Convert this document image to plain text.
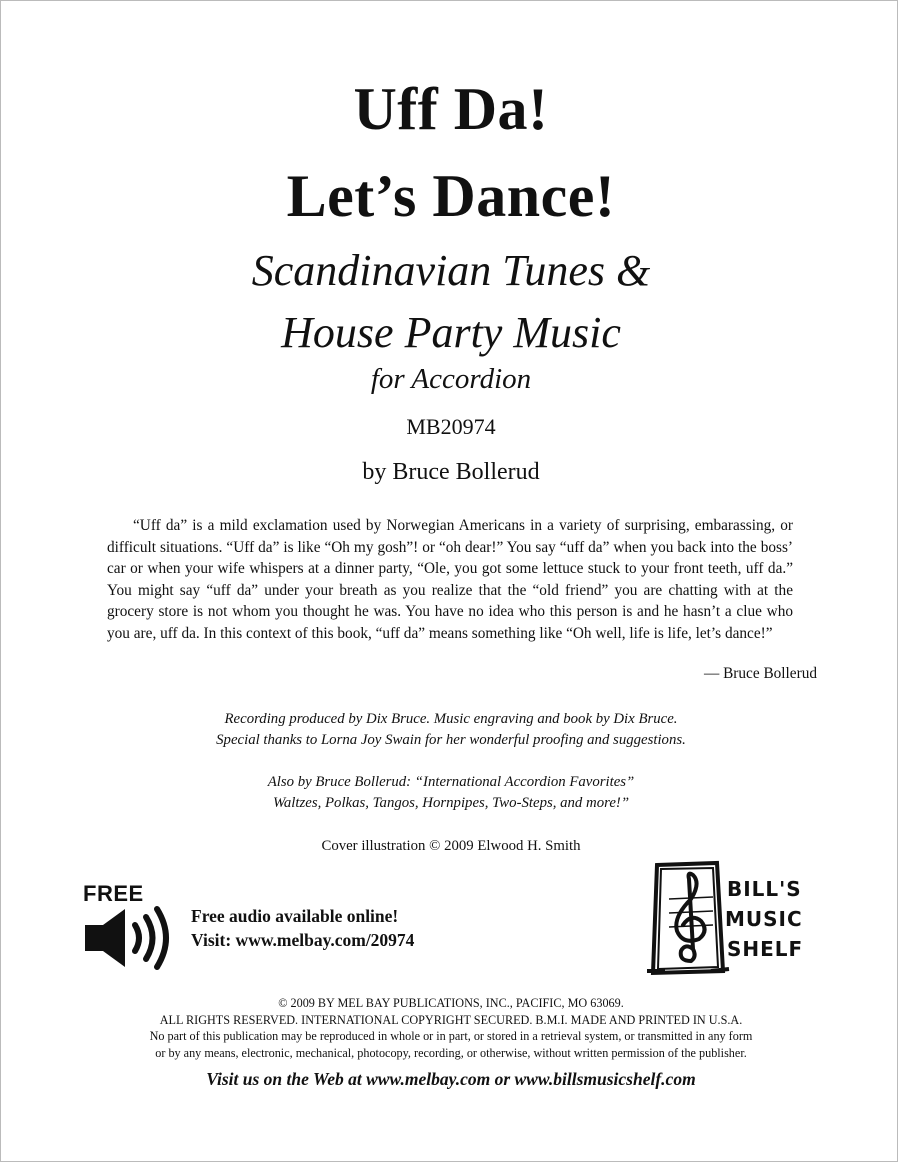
Uff Da!
Let’s Dance!
Scandinavian Tunes &
House Party Music
for Accordion
MB20974
by Bruce Bollerud

“Uff da” is a mild exclamation used by Norwegian Americans in a variety of surprising, embarassing, or difficult situations. “Uff da” is like “Oh my gosh”! or “oh dear!” You say “uff da” when you back into the boss’ car or when your wife whispers at a dinner party, “Ole, you got some lettuce stuck to your front teeth, uff da.” You might say “uff da” under your breath as you realize that the “old friend” you are chatting with at the grocery store is not whom you thought he was. You have no idea who this person is and he hasn’t a clue who you are, uff da. In this context of this book, “uff da” means something like “Oh well, life is life, let’s dance!”

— Bruce Bollerud
Recording produced by Dix Bruce. Music engraving and book by Dix Bruce.
Special thanks to Lorna Joy Swain for her wonderful proofing and suggestions.
Also by Bruce Bollerud: “International Accordion Favorites”
Waltzes, Polkas, Tangos, Hornpipes, Two-Steps, and more!”
Cover illustration © 2009 Elwood H. Smith
FREE
Free audio available online!
Visit: www.melbay.com/20974
BILL'S
MUSIC
SHELF
© 2009 BY MEL BAY PUBLICATIONS, INC., PACIFIC, MO 63069.
ALL RIGHTS RESERVED. INTERNATIONAL COPYRIGHT SECURED. B.M.I. MADE AND PRINTED IN U.S.A.
No part of this publication may be reproduced in whole or in part, or stored in a retrieval system, or transmitted in any form
or by any means, electronic, mechanical, photocopy, recording, or otherwise, without written permission of the publisher.
Visit us on the Web at www.melbay.com or www.billsmusicshelf.com
